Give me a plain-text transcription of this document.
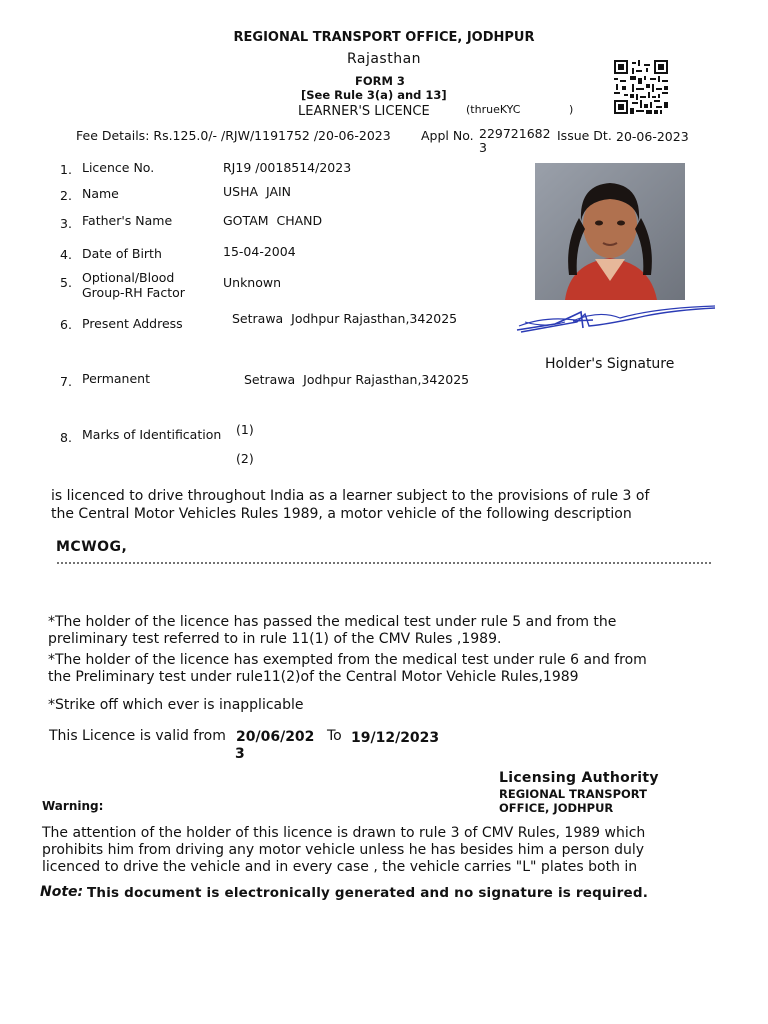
REGIONAL TRANSPORT OFFICE, JODHPUR
Rajasthan
FORM 3
[See Rule 3(a) and 13]
LEARNER'S LICENCE	(thrueKYC	)
Fee Details: Rs.125.0/- /RJW/1191752 /20-06-2023 Appl No. 229721682
3
Issue Dt. 20-06-2023
Holder's Signature
1. Licence No.	RJ19 /0018514/2023
2. Name	USHA  JAIN
3. Father's Name	GOTAM  CHAND
4. Date of Birth	15-04-2004
5. Optional/Blood
Group-RH Factor
Unknown
6. Present Address	Setrawa  Jodhpur Rajasthan,342025
7. Permanent	Setrawa  Jodhpur Rajasthan,342025
8. Marks of Identification (1)
(2)
is licenced to drive throughout India as a learner subject to the provisions of rule 3 of
the Central Motor Vehicles Rules 1989, a motor vehicle of the following description
MCWOG,
*The holder of the licence has passed the medical test under rule 5 and from the
preliminary test referred to in rule 11(1) of the CMV Rules ,1989.
*The holder of the licence has exempted from the medical test under rule 6 and from
the Preliminary test under rule11(2)of the Central Motor Vehicle Rules,1989
*Strike off which ever is inapplicable
This Licence is valid from 20/06/202
3
To 19/12/2023
Licensing Authority
REGIONAL TRANSPORT
OFFICE, JODHPUR
Warning:
The attention of the holder of this licence is drawn to rule 3 of CMV Rules, 1989 which
prohibits him from driving any motor vehicle unless he has besides him a person duly
licenced to drive the vehicle and in every case , the vehicle carries "L" plates both in
Note: This document is electronically generated and no signature is required.
